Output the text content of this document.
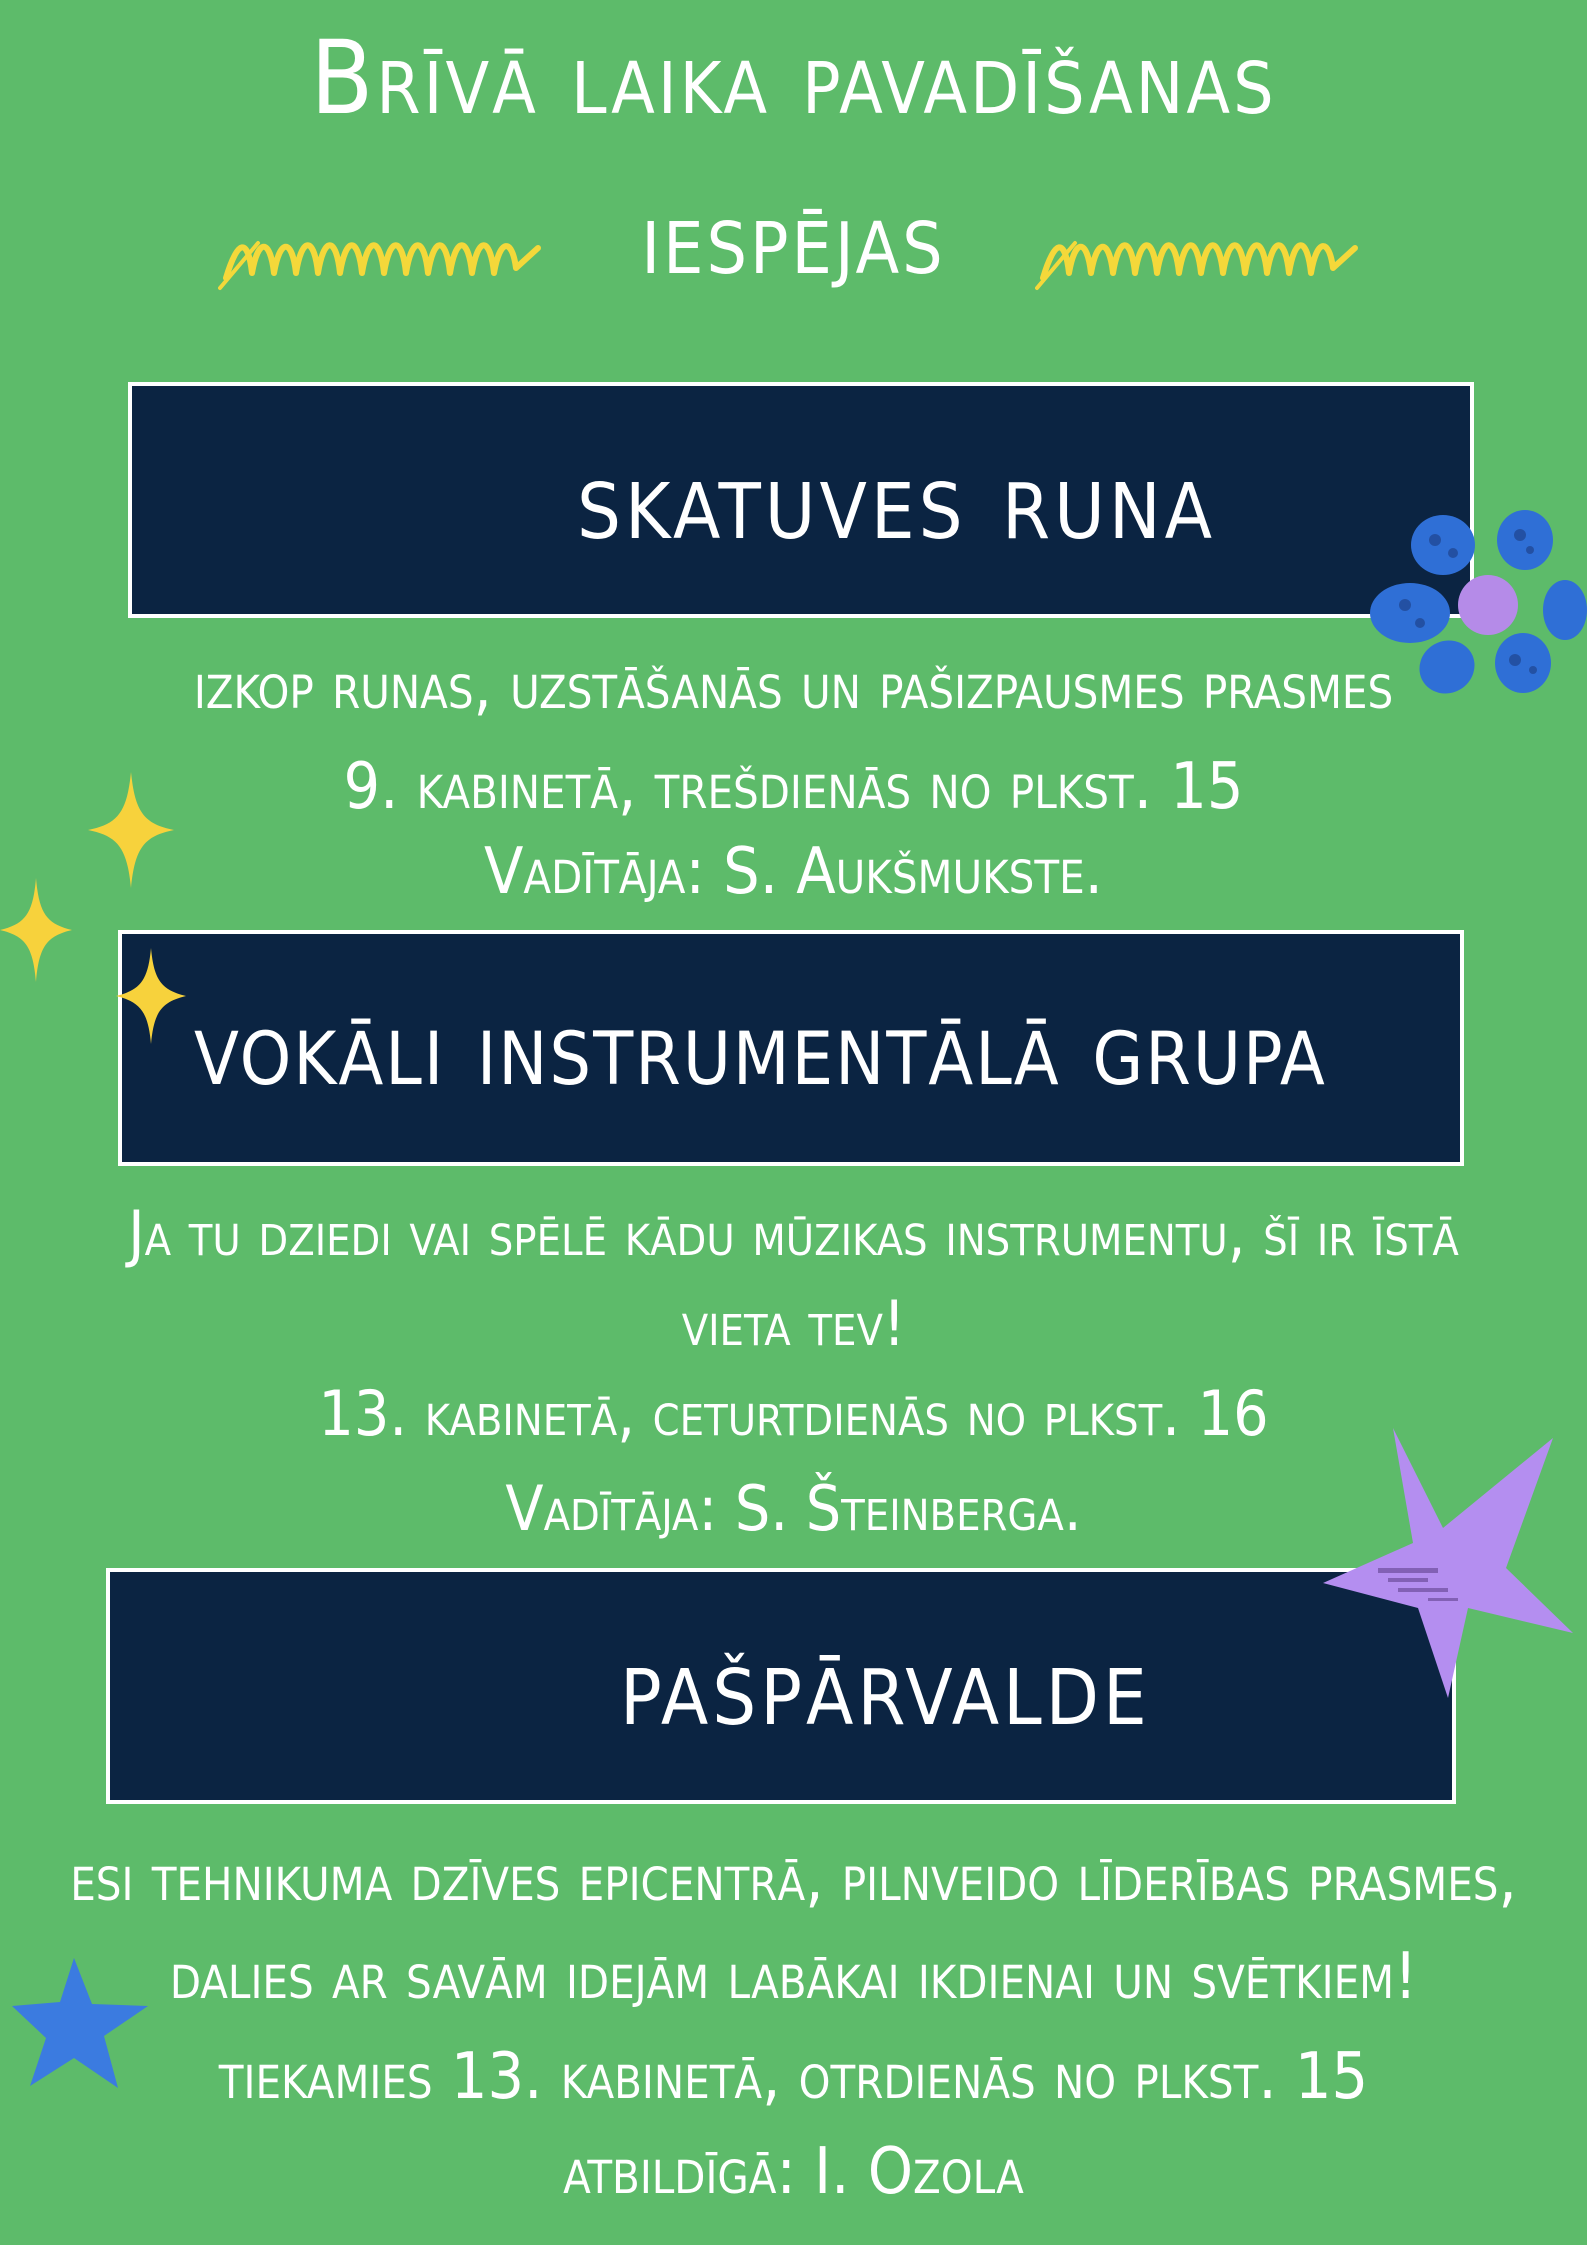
Brīvā laika pavadīšanas
iespējas
skatuves runa
izkop runas, uzstāšanās un pašizpausmes prasmes
9. kabinetā, trešdienās no plkst. 15
Vadītāja: S. Aukšmukste.
vokāli instrumentālā grupa
Ja tu dziedi vai spēlē kādu mūzikas instrumentu, šī ir īstā
vieta tev!
13. kabinetā, ceturtdienās no plkst. 16
Vadītāja: S. Šteinberga.
pašpārvalde
esi tehnikuma dzīves epicentrā, pilnveido līderības prasmes,
dalies ar savām idejām labākai ikdienai un svētkiem!
tiekamies 13. kabinetā, otrdienās no plkst. 15
atbildīgā: I. Ozola
